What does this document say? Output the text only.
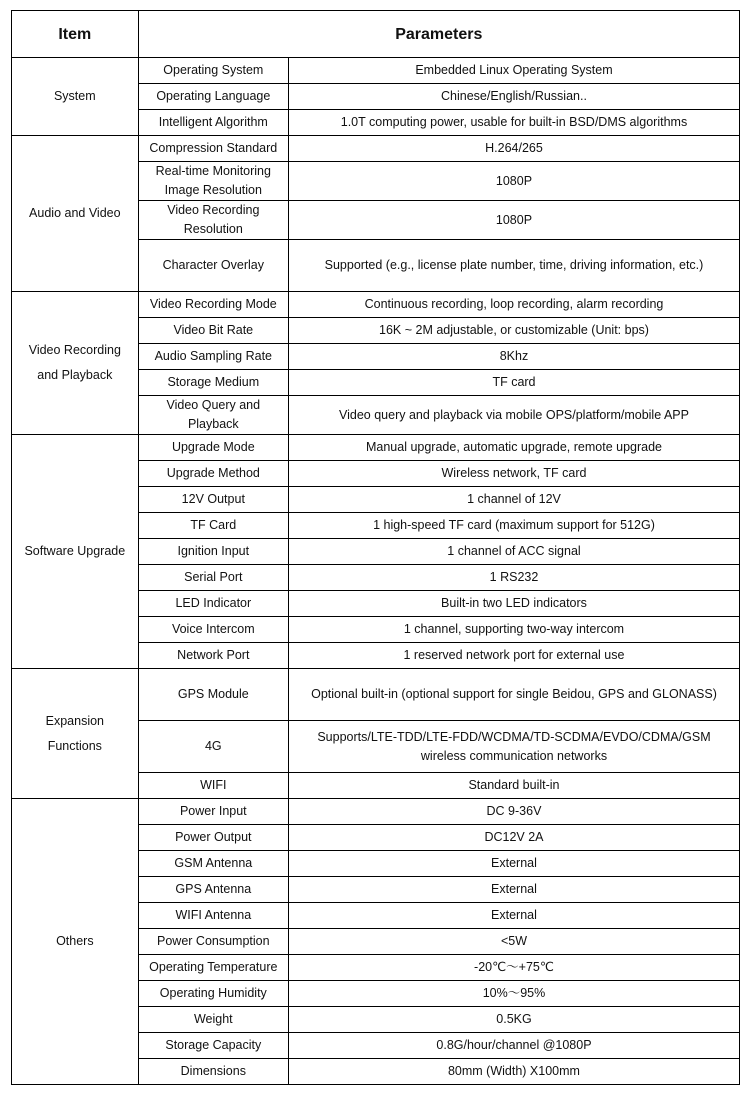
Item	Parameters	

System	Operating System	Embedded Linux Operating System

	Operating Language	Chinese/English/Russian..

	Intelligent Algorithm	1.0T computing power, usable for built-in BSD/DMS algorithms

Audio and Video	Compression Standard	H.264/265

	Real-time Monitoring
Image Resolution	1080P

	Video Recording
Resolution	1080P

	Character Overlay	Supported (e.g., license plate number, time, driving information, etc.)

Video Recording
and Playback	Video Recording Mode	Continuous recording, loop recording, alarm recording

	Video Bit Rate	16K ~ 2M adjustable, or customizable (Unit: bps)

	Audio Sampling Rate	8Khz

	Storage Medium	TF card

	Video Query and
Playback	Video query and playback via mobile OPS/platform/mobile APP

Software Upgrade	Upgrade Mode	Manual upgrade, automatic upgrade, remote upgrade

	Upgrade Method	Wireless network, TF card

	12V Output	1 channel of 12V

	TF Card	1 high-speed TF card (maximum support for 512G)

	Ignition Input	1 channel of ACC signal

	Serial Port	1 RS232

	LED Indicator	Built-in two LED indicators

	Voice Intercom	1 channel, supporting two-way intercom

	Network Port	1 reserved network port for external use

Expansion
Functions	GPS Module	Optional built-in (optional support for single Beidou, GPS and GLONASS)

	4G	Supports/LTE-TDD/LTE-FDD/WCDMA/TD-SCDMA/EVDO/CDMA/GSM
wireless communication networks

	WIFI	Standard built-in

Others	Power Input	DC 9-36V

	Power Output	DC12V 2A

	GSM Antenna	External

	GPS Antenna	External

	WIFI Antenna	External

	Power Consumption	<5W

	Operating Temperature	-20℃～+75℃

	Operating Humidity	10%～95%

	Weight	0.5KG

	Storage Capacity	0.8G/hour/channel @1080P

	Dimensions	80mm (Width) X100mm
